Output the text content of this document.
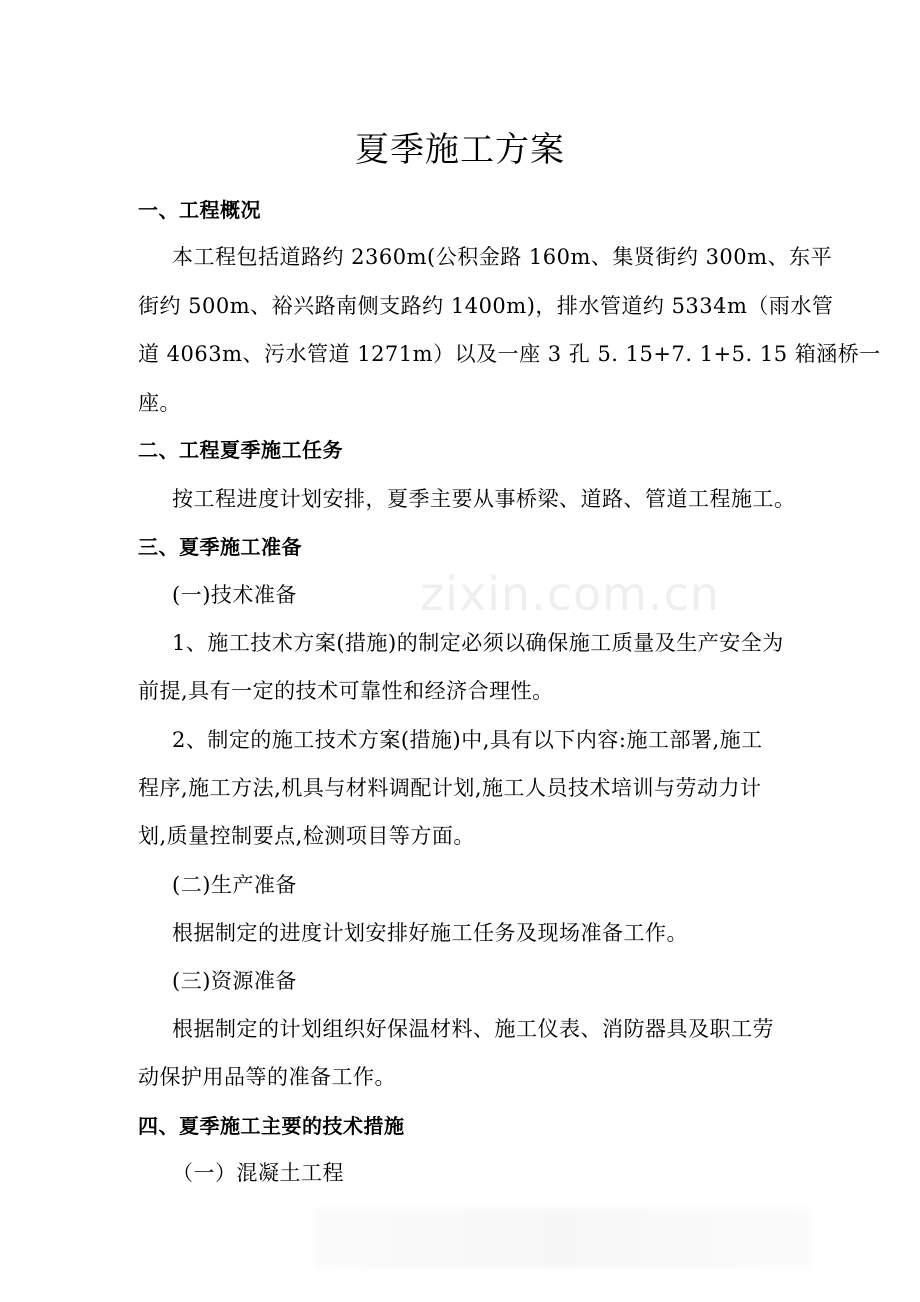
夏季施工方案
一、工程概况
本工程包括道路约 2360m(公积金路 160m、集贤街约 300m、东平
街约 500m、裕兴路南侧支路约 1400m)，排水管道约 5334m（雨水管
道 4063m、污水管道 1271m）以及一座 3 孔 5. 15+7. 1+5. 15 箱涵桥一
座。
二、工程夏季施工任务
按工程进度计划安排，夏季主要从事桥梁、道路、管道工程施工。
三、夏季施工准备
(一)技术准备
1、施工技术方案(措施)的制定必须以确保施工质量及生产安全为
前提,具有一定的技术可靠性和经济合理性。
2、制定的施工技术方案(措施)中,具有以下内容:施工部署,施工
程序,施工方法,机具与材料调配计划,施工人员技术培训与劳动力计
划,质量控制要点,检测项目等方面。
(二)生产准备
根据制定的进度计划安排好施工任务及现场准备工作。
(三)资源准备
根据制定的计划组织好保温材料、施工仪表、消防器具及职工劳
动保护用品等的准备工作。
四、夏季施工主要的技术措施
（一）混凝土工程
zixin.com.cn
